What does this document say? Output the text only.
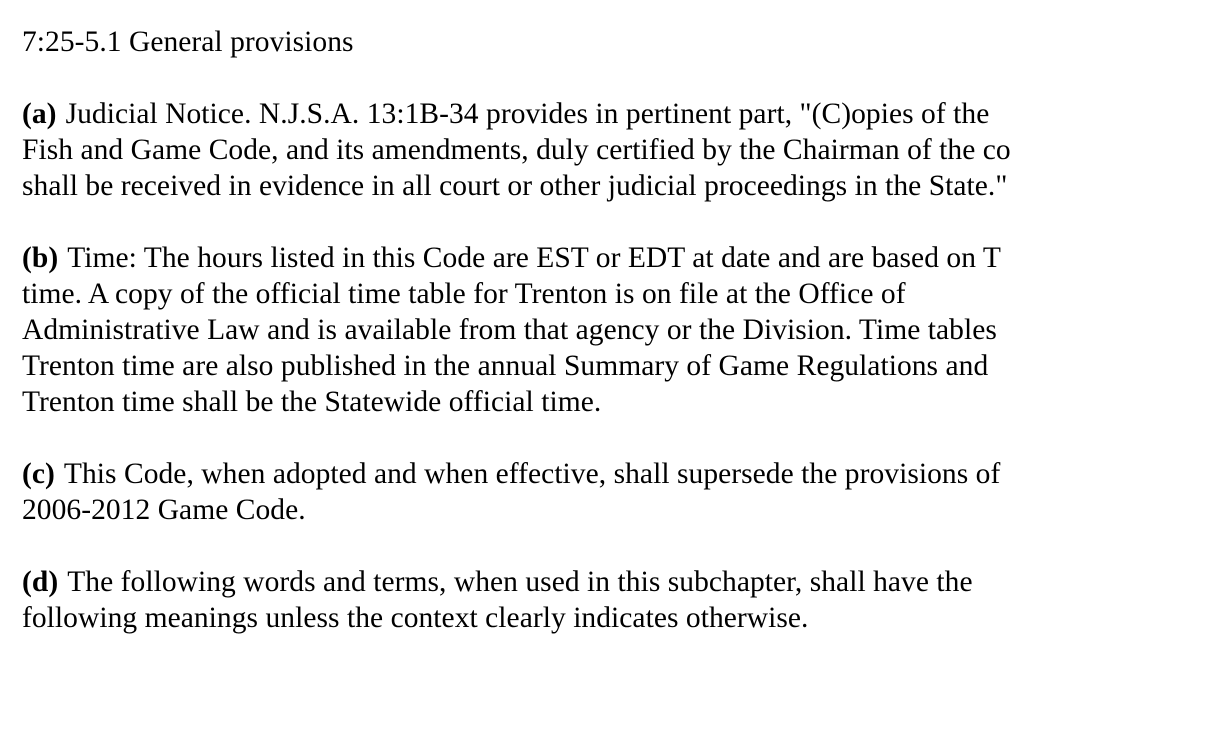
7:25-5.1 General provisions
(a) Judicial Notice. N.J.S.A. 13:1B-34 provides in pertinent part, "(C)opies of the
Fish and Game Code, and its amendments, duly certified by the Chairman of the co
shall be received in evidence in all court or other judicial proceedings in the State."
(b) Time: The hours listed in this Code are EST or EDT at date and are based on T
time. A copy of the official time table for Trenton is on file at the Office of
Administrative Law and is available from that agency or the Division. Time tables
Trenton time are also published in the annual Summary of Game Regulations and
Trenton time shall be the Statewide official time.
(c) This Code, when adopted and when effective, shall supersede the provisions of
2006-2012 Game Code.
(d) The following words and terms, when used in this subchapter, shall have the
following meanings unless the context clearly indicates otherwise.
